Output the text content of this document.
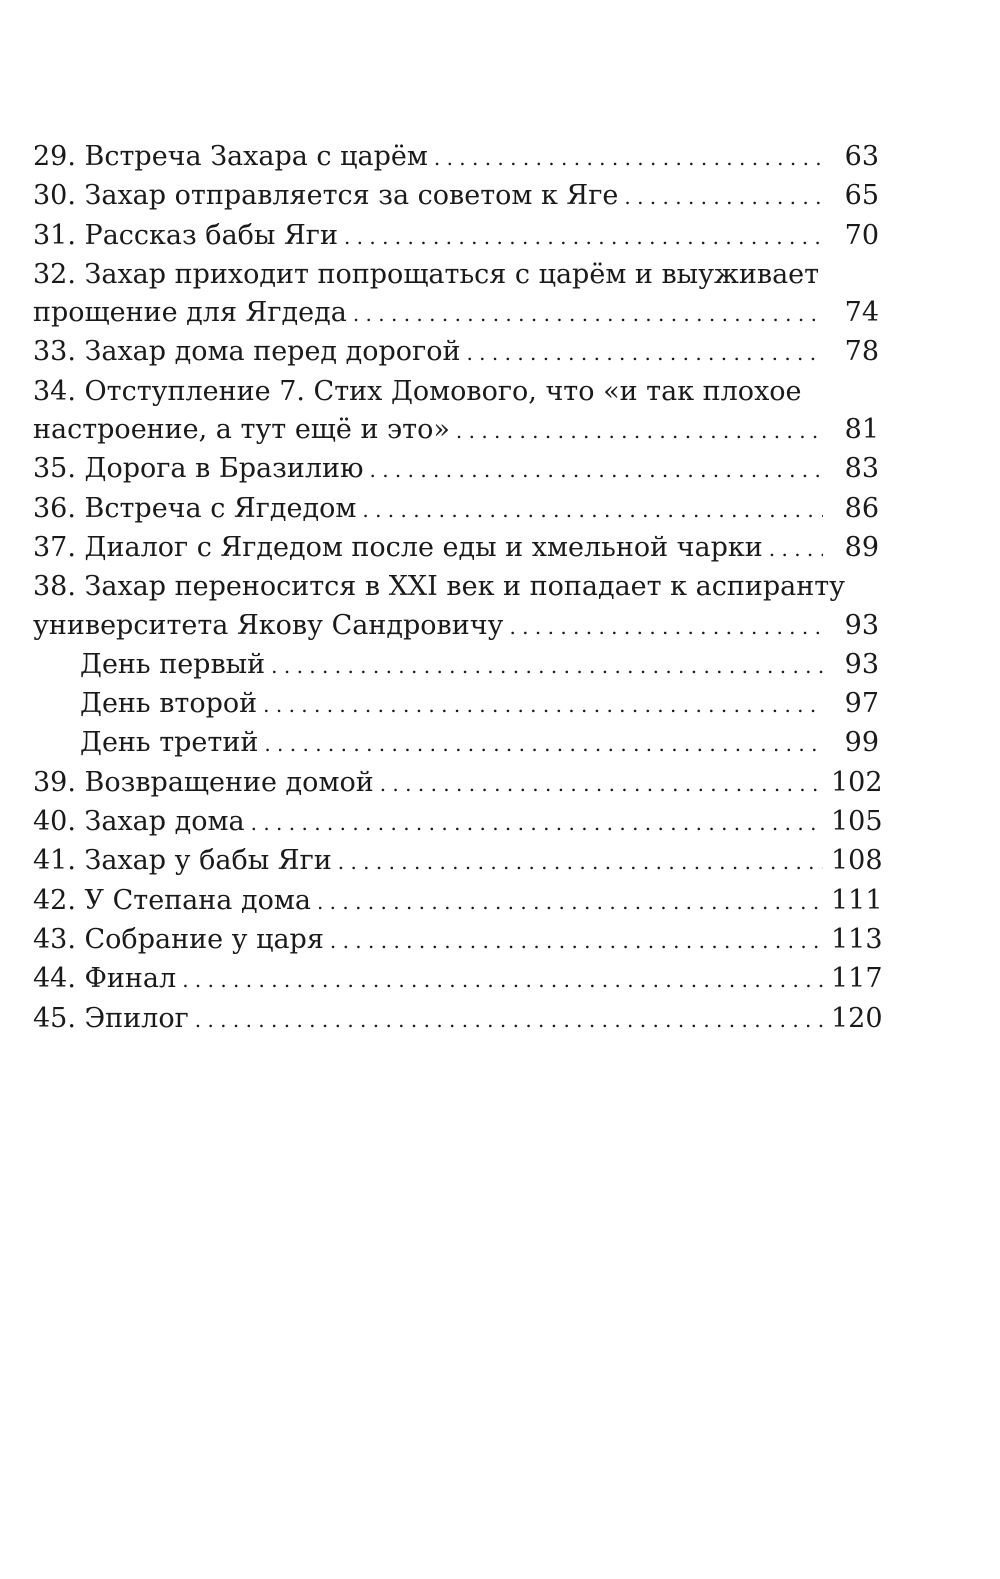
29. Встреча Захара с царём . . .	63
30. Захар отправляется за советом к Яге . . .	65
31. Рассказ бабы Яги . . .	70
32. Захар приходит попрощаться с царём и выуживает
прощение для Ягдеда . . .	74
33. Захар дома перед дорогой . . .	78
34. Отступление 7. Стих Домового, что «и так плохое
настроение, а тут ещё и это» . . .	81
35. Дорога в Бразилию . . .	83
36. Встреча с Ягдедом . . .	86
37. Диалог с Ягдедом после еды и хмельной чарки . . .	89
38. Захар переносится в XXI век и попадает к аспиранту
университета Якову Сандровичу . . .	93
День первый . . .	93
День второй . . .	97
День третий . . .	99
39. Возвращение домой . . .	102
40. Захар дома . . .	105
41. Захар у бабы Яги . . .	108
42. У Степана дома . . .	111
43. Собрание у царя . . .	113
44. Финал . . .	117
45. Эпилог . . .	120
